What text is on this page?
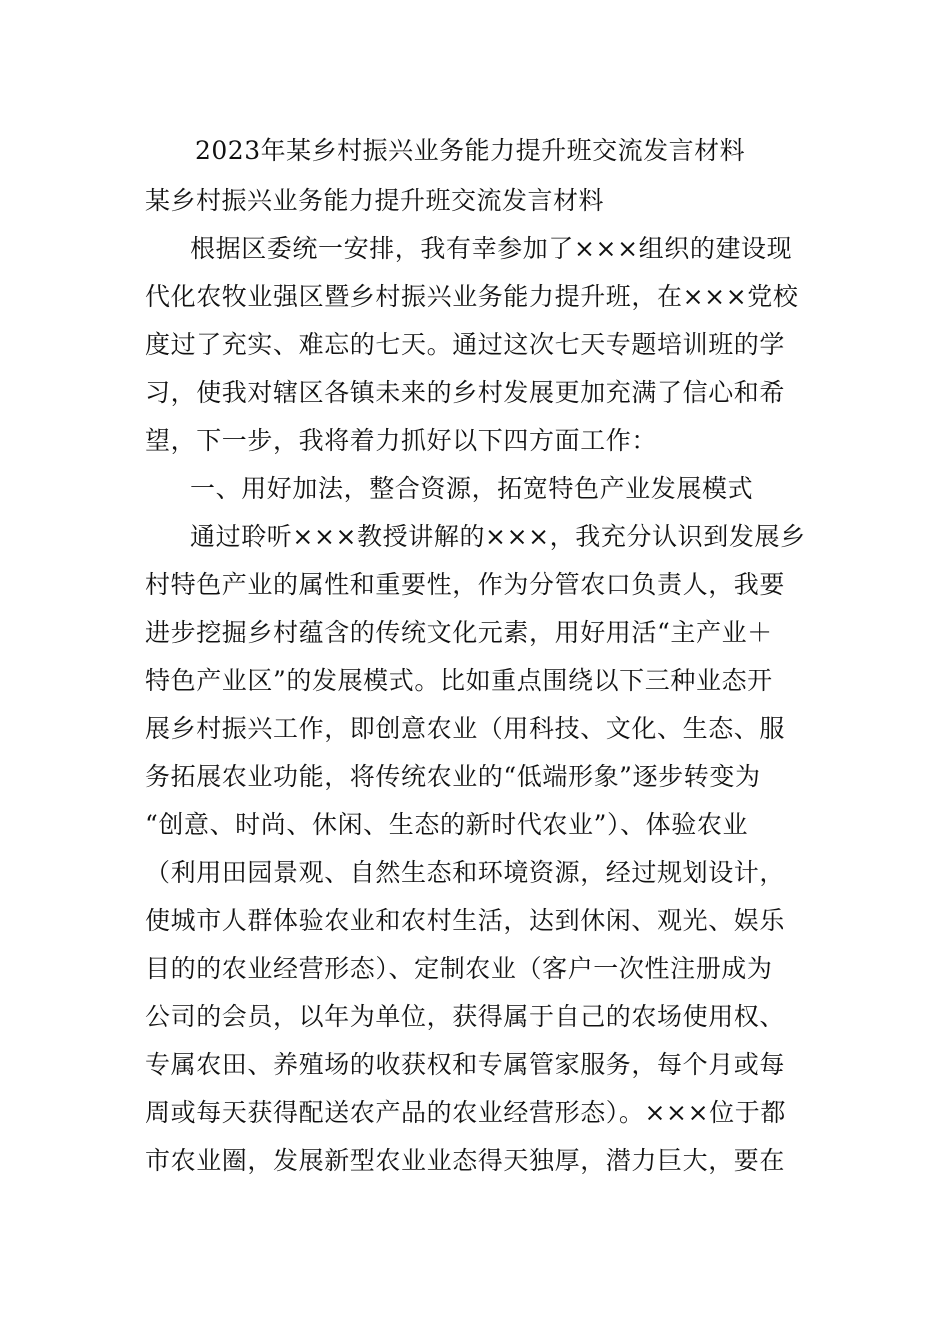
2023年某乡村振兴业务能力提升班交流发言材料
某乡村振兴业务能力提升班交流发言材料
根据区委统一安排，我有幸参加了×××组织的建设现
代化农牧业强区暨乡村振兴业务能力提升班，在×××党校
度过了充实、难忘的七天。通过这次七天专题培训班的学
习，使我对辖区各镇未来的乡村发展更加充满了信心和希
望，下一步，我将着力抓好以下四方面工作：
一、用好加法，整合资源，拓宽特色产业发展模式
通过聆听×××教授讲解的×××，我充分认识到发展乡
村特色产业的属性和重要性，作为分管农口负责人，我要
进步挖掘乡村蕴含的传统文化元素，用好用活“主产业＋
特色产业区”的发展模式。比如重点围绕以下三种业态开
展乡村振兴工作，即创意农业（用科技、文化、生态、服
务拓展农业功能，将传统农业的“低端形象”逐步转变为
“创意、时尚、休闲、生态的新时代农业”）、体验农业
（利用田园景观、自然生态和环境资源，经过规划设计，
使城市人群体验农业和农村生活，达到休闲、观光、娱乐
目的的农业经营形态）、定制农业（客户一次性注册成为
公司的会员，以年为单位，获得属于自己的农场使用权、
专属农田、养殖场的收获权和专属管家服务，每个月或每
周或每天获得配送农产品的农业经营形态）。×××位于都
市农业圈，发展新型农业业态得天独厚，潜力巨大，要在
